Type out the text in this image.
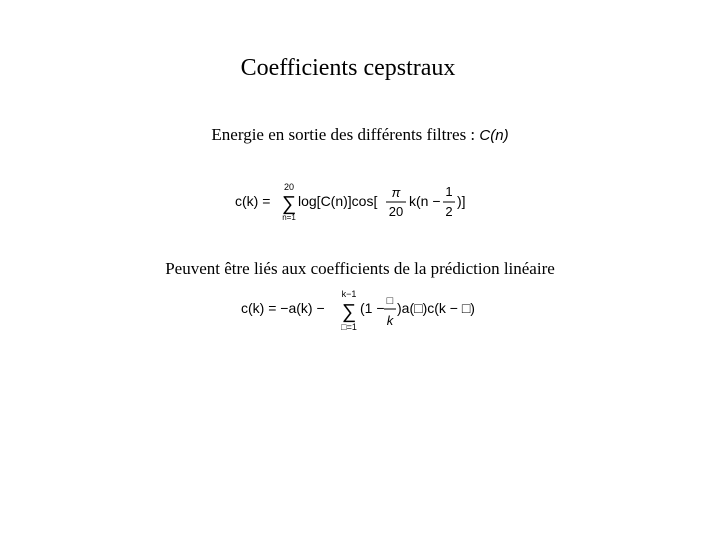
Coefficients cepstraux
Energie en sortie des différents filtres : C(n)
c(k) =
20
∑
n=1
log[C(n)]cos[
π
20
k(n −
1
2
)]
Peuvent être liés aux coefficients de la prédiction linéaire
c(k) = −a(k) −
k−1
∑
□=1
(1 − □
k
)a(□)c(k − □)
